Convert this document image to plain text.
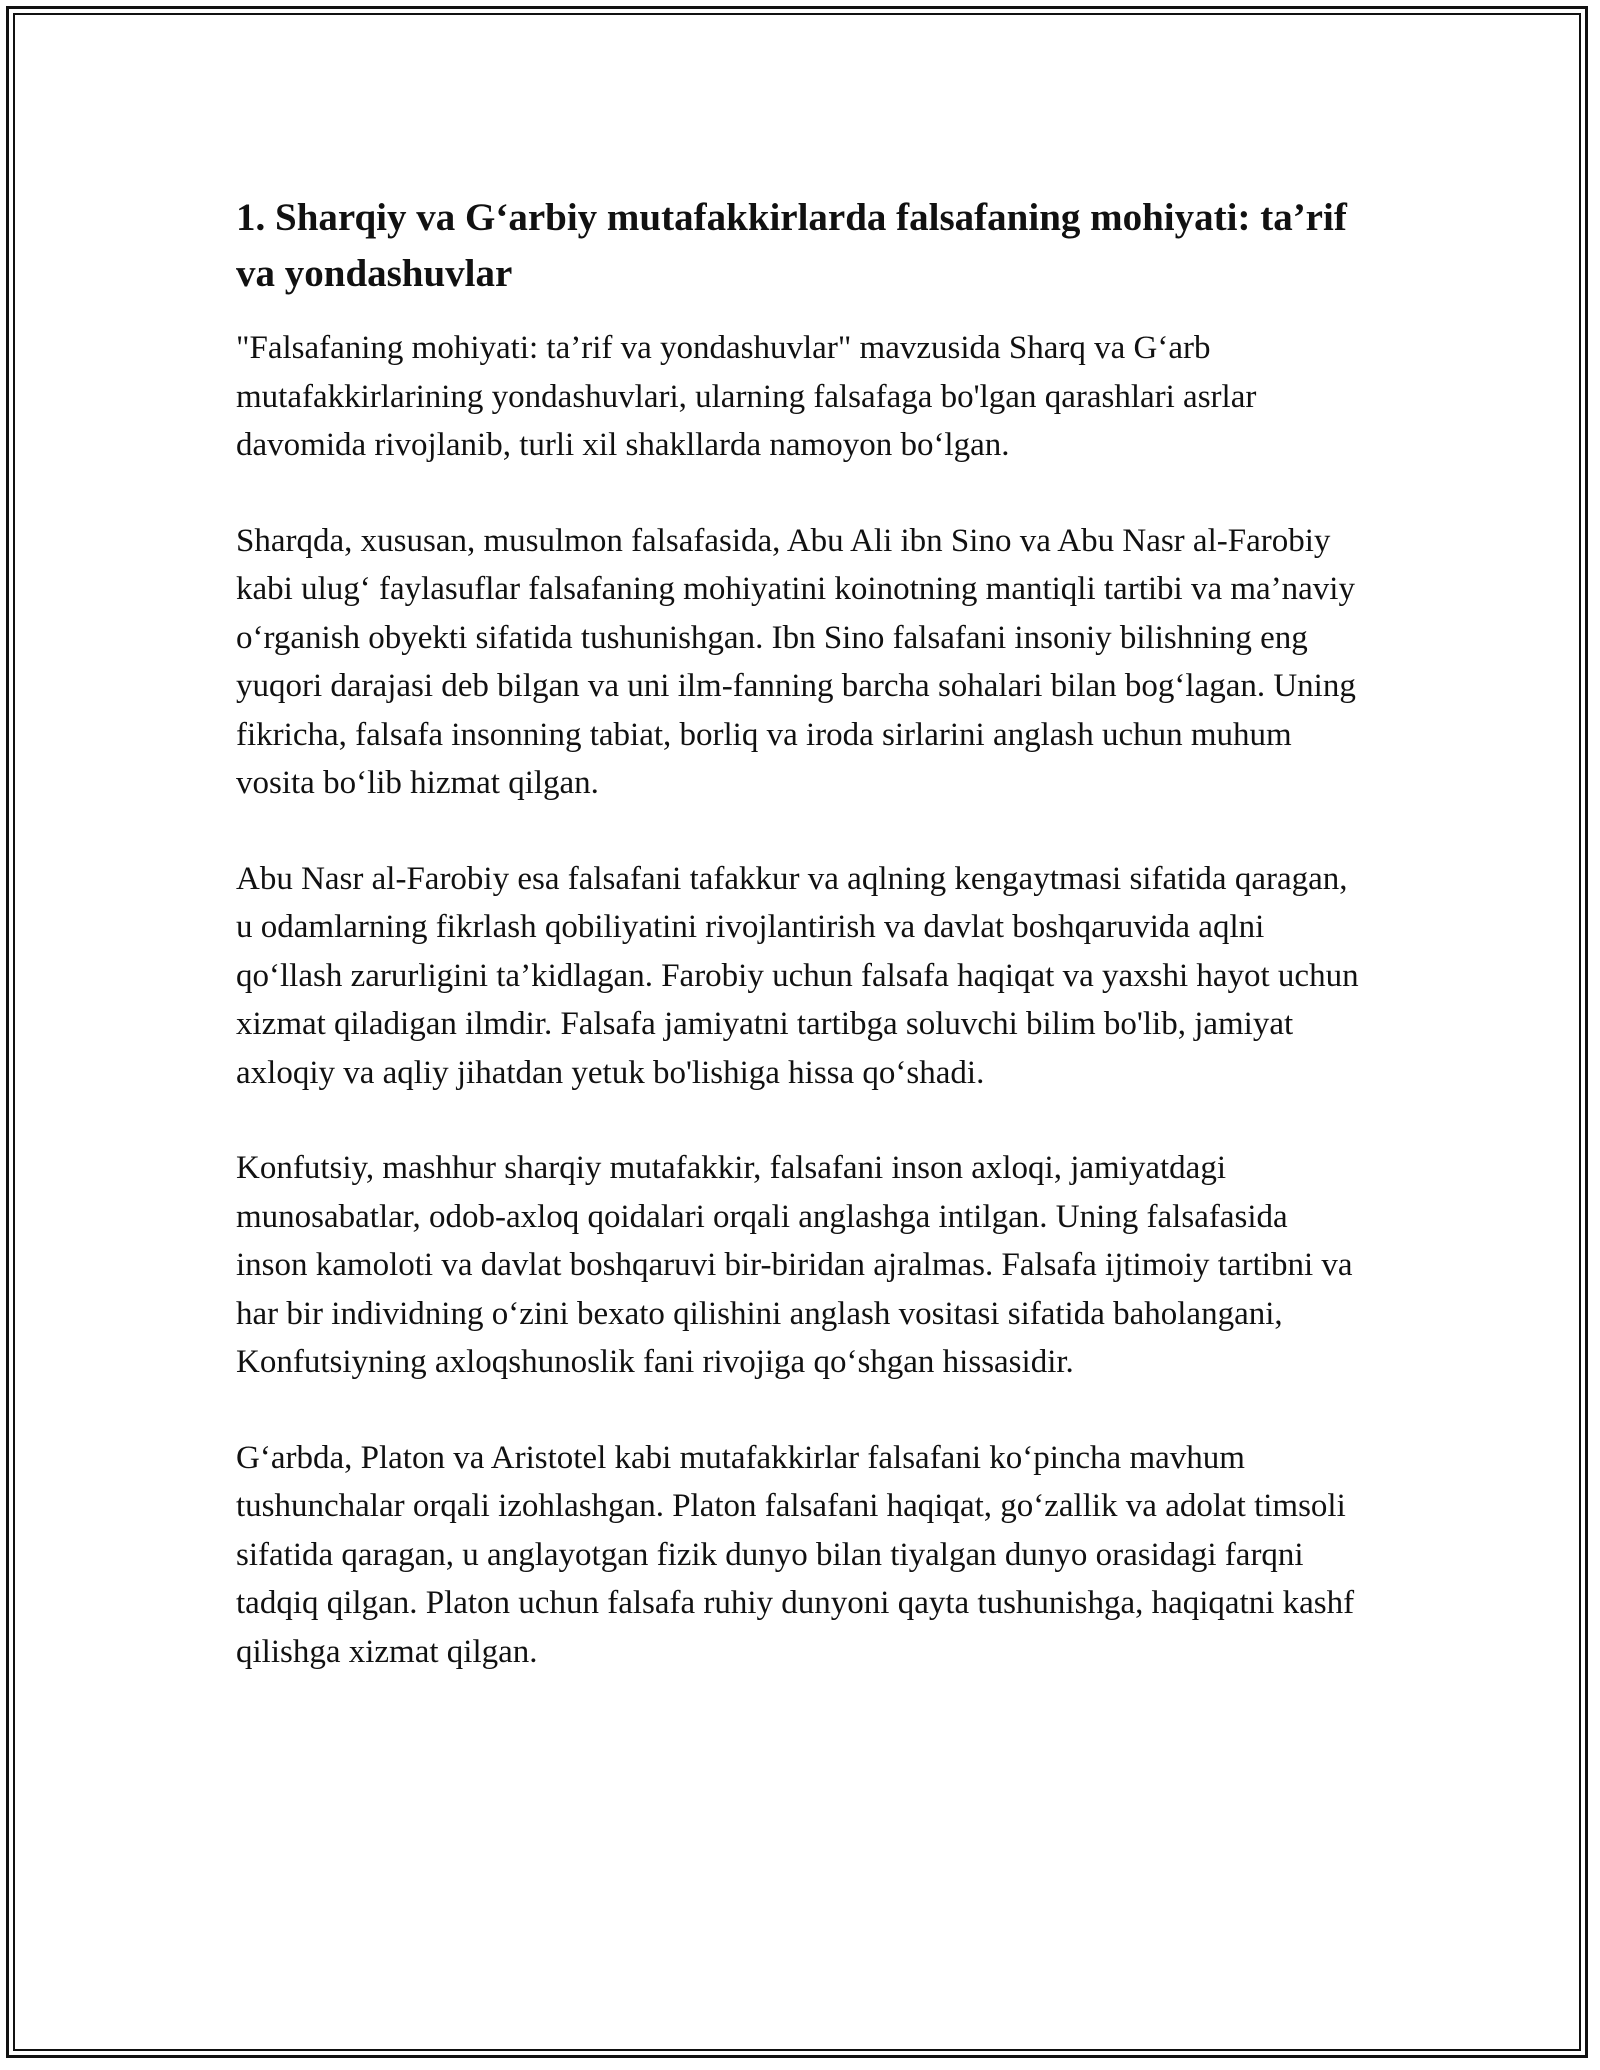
1. Sharqiy va G‘arbiy mutafakkirlarda falsafaning mohiyati: ta’rif va yondashuvlar

"Falsafaning mohiyati: ta’rif va yondashuvlar" mavzusida Sharq va G‘arb mutafakkirlarining yondashuvlari, ularning falsafaga bo'lgan qarashlari asrlar davomida rivojlanib, turli xil shakllarda namoyon bo‘lgan.

Sharqda, xususan, musulmon falsafasida, Abu Ali ibn Sino va Abu Nasr al-Farobiy kabi ulug‘ faylasuflar falsafaning mohiyatini koinotning mantiqli tartibi va ma’naviy o‘rganish obyekti sifatida tushunishgan. Ibn Sino falsafani insoniy bilishning eng yuqori darajasi deb bilgan va uni ilm-fanning barcha sohalari bilan bog‘lagan. Uning fikricha, falsafa insonning tabiat, borliq va iroda sirlarini anglash uchun muhum vosita bo‘lib hizmat qilgan.

Abu Nasr al-Farobiy esa falsafani tafakkur va aqlning kengaytmasi sifatida qaragan, u odamlarning fikrlash qobiliyatini rivojlantirish va davlat boshqaruvida aqlni qo‘llash zarurligini ta’kidlagan. Farobiy uchun falsafa haqiqat va yaxshi hayot uchun xizmat qiladigan ilmdir. Falsafa jamiyatni tartibga soluvchi bilim bo'lib, jamiyat axloqiy va aqliy jihatdan yetuk bo'lishiga hissa qo‘shadi.

Konfutsiy, mashhur sharqiy mutafakkir, falsafani inson axloqi, jamiyatdagi munosabatlar, odob-axloq qoidalari orqali anglashga intilgan. Uning falsafasida inson kamoloti va davlat boshqaruvi bir-biridan ajralmas. Falsafa ijtimoiy tartibni va har bir individning o‘zini bexato qilishini anglash vositasi sifatida baholangani, Konfutsiyning axloqshunoslik fani rivojiga qo‘shgan hissasidir.

G‘arbda, Platon va Aristotel kabi mutafakkirlar falsafani ko‘pincha mavhum tushunchalar orqali izohlashgan. Platon falsafani haqiqat, go‘zallik va adolat timsoli sifatida qaragan, u anglayotgan fizik dunyo bilan tiyalgan dunyo orasidagi farqni tadqiq qilgan. Platon uchun falsafa ruhiy dunyoni qayta tushunishga, haqiqatni kashf qilishga xizmat qilgan.
